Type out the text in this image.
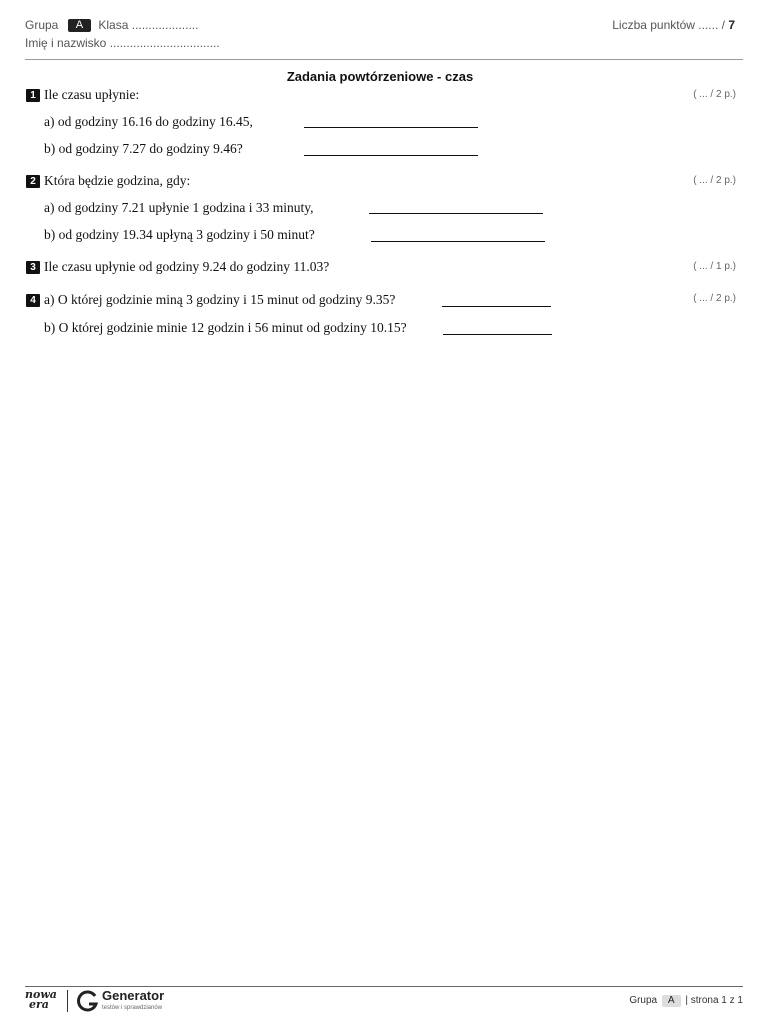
Grupa A Klasa ....................
Imię i nazwisko .................................
Liczba punktów ...... / 7
Zadania powtórzeniowe - czas
1 Ile czasu upłynie:	( ... / 2 p.)
a) od godziny 16.16 do godziny 16.45,
b) od godziny 7.27 do godziny 9.46?
2 Która będzie godzina, gdy:	( ... / 2 p.)
a) od godziny 7.21 upłynie 1 godzina i 33 minuty,
b) od godziny 19.34 upłyną 3 godziny i 50 minut?
3 Ile czasu upłynie od godziny 9.24 do godziny 11.03?	( ... / 1 p.)
4 a) O której godzinie miną 3 godziny i 15 minut od godziny 9.35?	( ... / 2 p.)
b) O której godzinie minie 12 godzin i 56 minut od godziny 10.15?
nowa
era
Generator
testów i sprawdzianów
Grupa A | strona 1 z 1
